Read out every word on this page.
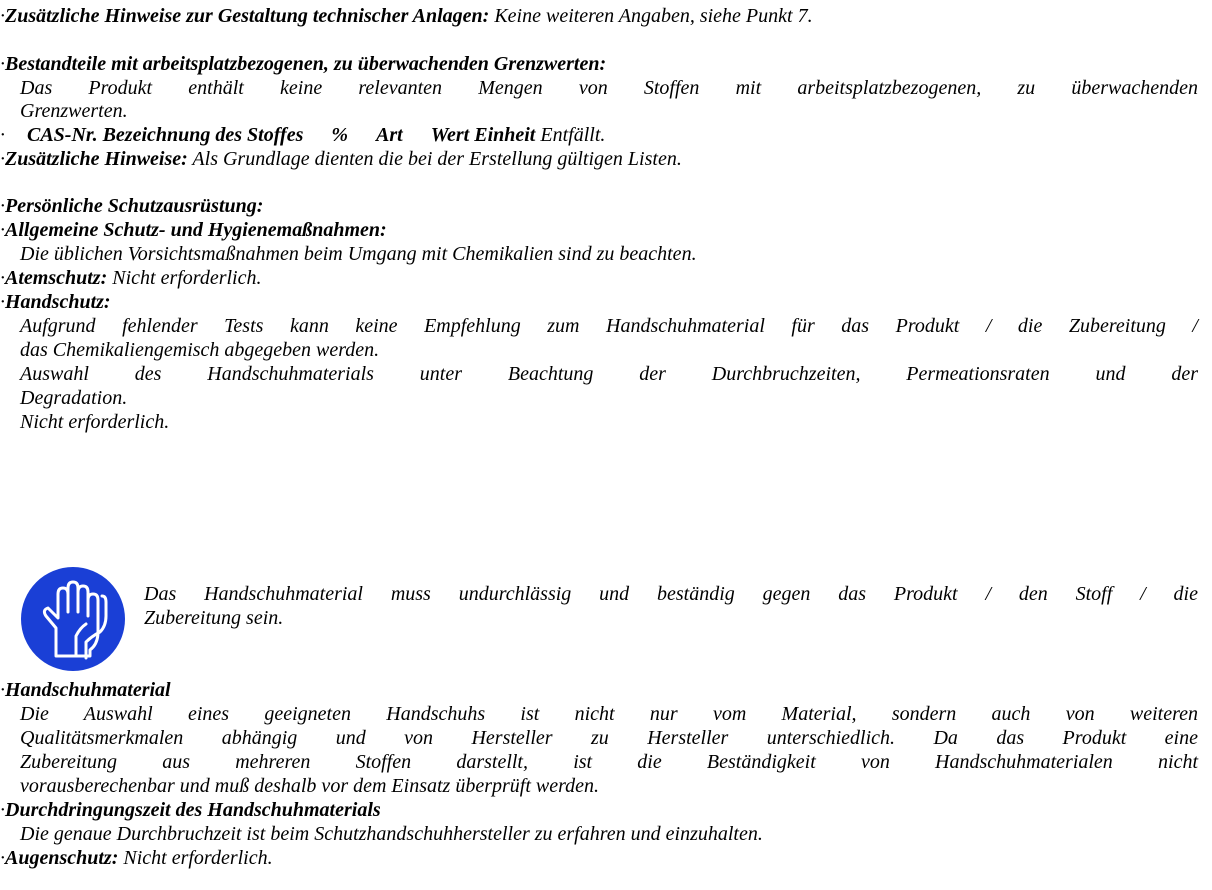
·Zusätzliche Hinweise zur Gestaltung technischer Anlagen: Keine weiteren Angaben, siehe Punkt 7.
·Bestandteile mit arbeitsplatzbezogenen, zu überwachenden Grenzwerten:
Das Produkt enthält keine relevanten Mengen von Stoffen mit arbeitsplatzbezogenen, zu überwachenden
Grenzwerten.
· CAS-Nr. Bezeichnung des Stoffes % Art Wert Einheit Entfällt.
·Zusätzliche Hinweise: Als Grundlage dienten die bei der Erstellung gültigen Listen.
·Persönliche Schutzausrüstung:
·Allgemeine Schutz- und Hygienemaßnahmen:
Die üblichen Vorsichtsmaßnahmen beim Umgang mit Chemikalien sind zu beachten.
·Atemschutz: Nicht erforderlich.
·Handschutz:
Aufgrund fehlender Tests kann keine Empfehlung zum Handschuhmaterial für das Produkt / die Zubereitung /
das Chemikaliengemisch abgegeben werden.
Auswahl des Handschuhmaterials unter Beachtung der Durchbruchzeiten, Permeationsraten und der
Degradation.
Nicht erforderlich.
Das Handschuhmaterial muss undurchlässig und beständig gegen das Produkt / den Stoff / die
Zubereitung sein.
·Handschuhmaterial
Die Auswahl eines geeigneten Handschuhs ist nicht nur vom Material, sondern auch von weiteren
Qualitätsmerkmalen abhängig und von Hersteller zu Hersteller unterschiedlich. Da das Produkt eine
Zubereitung aus mehreren Stoffen darstellt, ist die Beständigkeit von Handschuhmaterialen nicht
vorausberechenbar und muß deshalb vor dem Einsatz überprüft werden.
·Durchdringungszeit des Handschuhmaterials
Die genaue Durchbruchzeit ist beim Schutzhandschuhhersteller zu erfahren und einzuhalten.
·Augenschutz: Nicht erforderlich.
